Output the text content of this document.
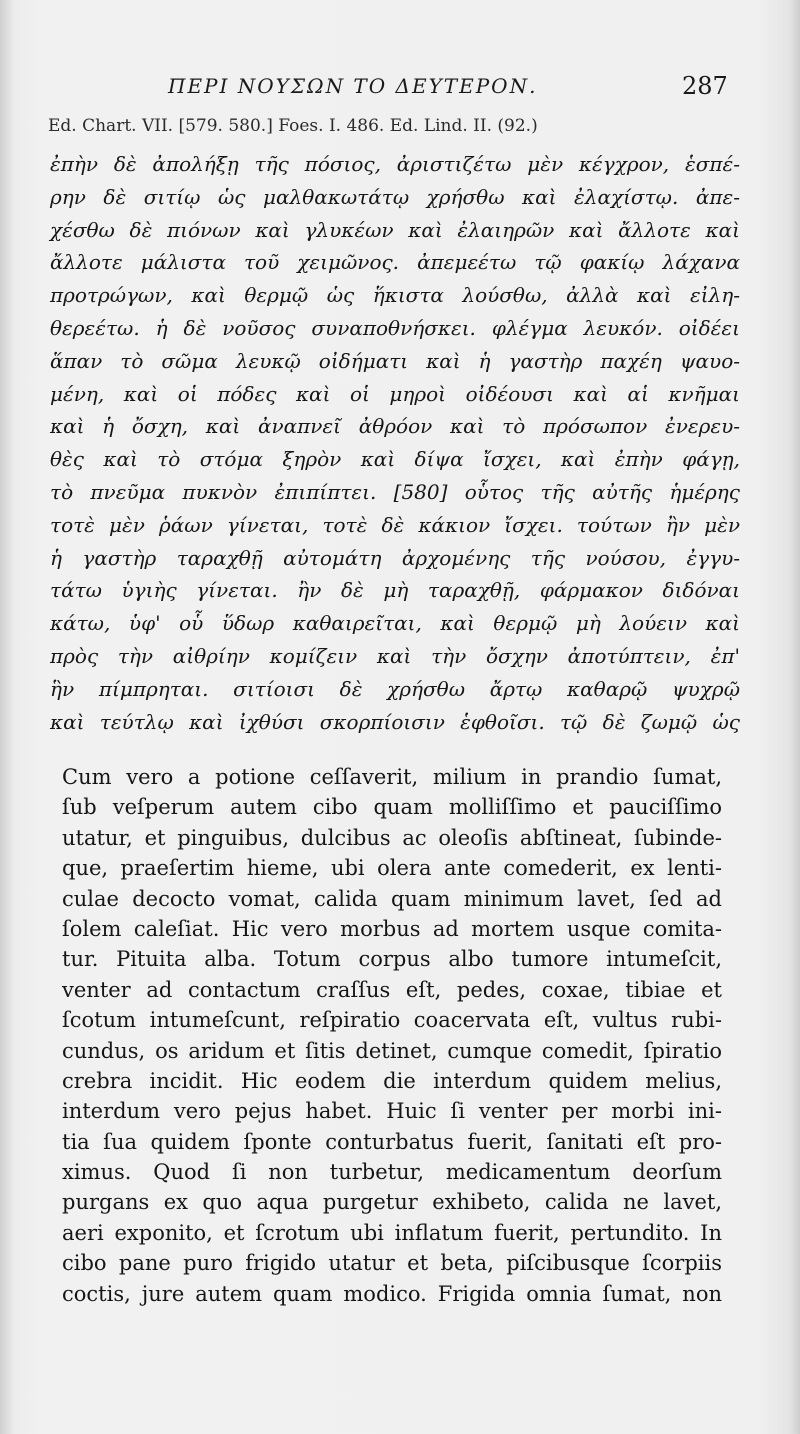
ΠΕΡΙ ΝΟΥΣΩΝ ΤΟ ΔΕΥΤΕΡΟΝ.	287
Ed. Chart. VII. [579. 580.] Foes. I. 486. Ed. Lind. II. (92.)
ἐπὴν δὲ ἀπολήξῃ τῆς πόσιος, ἀριστιζέτω μὲν κέγχρον, ἑσπέ-
ρην δὲ σιτίῳ ὡς μαλθακωτάτῳ χρήσθω καὶ ἐλαχίστῳ. ἀπε-
χέσθω δὲ πιόνων καὶ γλυκέων καὶ ἐλαιηρῶν καὶ ἄλλοτε καὶ
ἄλλοτε μάλιστα τοῦ χειμῶνος. ἀπεμεέτω τῷ φακίῳ λάχανα
προτρώγων, καὶ θερμῷ ὡς ἥκιστα λούσθω, ἀλλὰ καὶ εἰλη-
θερεέτω. ἡ δὲ νοῦσος συναποθνήσκει. φλέγμα λευκόν. οἰδέει
ἅπαν τὸ σῶμα λευκῷ οἰδήματι καὶ ἡ γαστὴρ παχέη ψαυο-
μένη, καὶ οἱ πόδες καὶ οἱ μηροὶ οἰδέουσι καὶ αἱ κνῆμαι
καὶ ἡ ὄσχη, καὶ ἀναπνεῖ ἀθρόον καὶ τὸ πρόσωπον ἐνερευ-
θὲς καὶ τὸ στόμα ξηρὸν καὶ δίψα ἴσχει, καὶ ἐπὴν φάγῃ,
τὸ πνεῦμα πυκνὸν ἐπιπίπτει. [580] οὗτος τῆς αὐτῆς ἡμέρης
τοτὲ μὲν ῥάων γίνεται, τοτὲ δὲ κάκιον ἴσχει. τούτων ἢν μὲν
ἡ γαστὴρ ταραχθῇ αὐτομάτη ἀρχομένης τῆς νούσου, ἐγγυ-
τάτω ὑγιὴς γίνεται. ἢν δὲ μὴ ταραχθῇ, φάρμακον διδόναι
κάτω, ὑφ' οὗ ὕδωρ καθαιρεῖται, καὶ θερμῷ μὴ λούειν καὶ
πρὸς τὴν αἰθρίην κομίζειν καὶ τὴν ὄσχην ἀποτύπτειν, ἐπ'
ἣν πίμπρηται. σιτίοισι δὲ χρήσθω ἄρτῳ καθαρῷ ψυχρῷ
καὶ τεύτλῳ καὶ ἰχθύσι σκορπίοισιν ἑφθοῖσι. τῷ δὲ ζωμῷ ὡς
Cum vero a potione ceſſaverit, milium in prandio ſumat,
ſub veſperum autem cibo quam molliſſimo et pauciſſimo
utatur, et pinguibus, dulcibus ac oleoſis abſtineat, ſubinde-
que, praeſertim hieme, ubi olera ante comederit, ex lenti-
culae decocto vomat, calida quam minimum lavet, ſed ad
ſolem caleſiat. Hic vero morbus ad mortem usque comita-
tur. Pituita alba. Totum corpus albo tumore intumeſcit,
venter ad contactum craſſus eſt, pedes, coxae, tibiae et
ſcotum intumeſcunt, reſpiratio coacervata eſt, vultus rubi-
cundus, os aridum et ſitis detinet, cumque comedit, ſpiratio
crebra incidit. Hic eodem die interdum quidem melius,
interdum vero pejus habet. Huic ſi venter per morbi ini-
tia ſua quidem ſponte conturbatus fuerit, ſanitati eſt pro-
ximus. Quod ſi non turbetur, medicamentum deorſum
purgans ex quo aqua purgetur exhibeto, calida ne lavet,
aeri exponito, et ſcrotum ubi inflatum fuerit, pertundito. In
cibo pane puro frigido utatur et beta, piſcibusque ſcorpiis
coctis, jure autem quam modico. Frigida omnia ſumat, non
